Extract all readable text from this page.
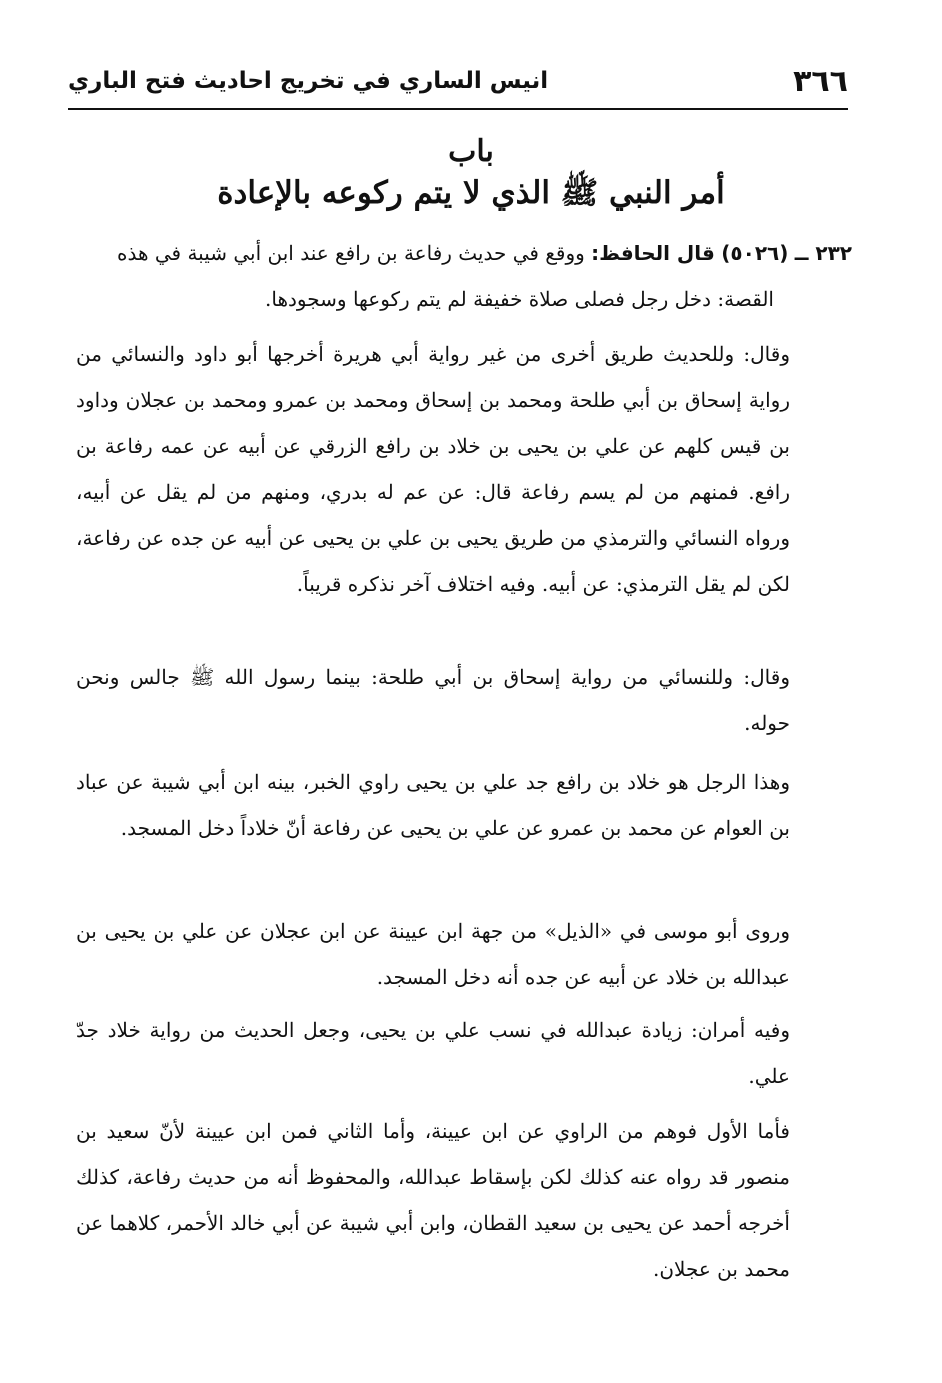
٣٦٦
انيس الساري في تخريج احاديث فتح الباري
باب
أمر النبي ﷺ الذي لا يتم ركوعه بالإعادة
٢٣٢ ــ (٥٠٢٦) قال الحافظ: ووقع في حديث رفاعة بن رافع عند ابن أبي شيبة في هذه
القصة: دخل رجل فصلى صلاة خفيفة لم يتم ركوعها وسجودها.

وقال: وللحديث طريق أخرى من غير رواية أبي هريرة أخرجها أبو داود والنسائي من رواية إسحاق بن أبي طلحة ومحمد بن إسحاق ومحمد بن عمرو ومحمد بن عجلان وداود بن قيس كلهم عن علي بن يحيى بن خلاد بن رافع الزرقي عن أبيه عن عمه رفاعة بن رافع. فمنهم من لم يسم رفاعة قال: عن عم له بدري، ومنهم من لم يقل عن أبيه، ورواه النسائي والترمذي من طريق يحيى بن علي بن يحيى عن أبيه عن جده عن رفاعة، لكن لم يقل الترمذي: عن أبيه. وفيه اختلاف آخر نذكره قريباً.

وقال: وللنسائي من رواية إسحاق بن أبي طلحة: بينما رسول الله ﷺ جالس ونحن حوله.

وهذا الرجل هو خلاد بن رافع جد علي بن يحيى راوي الخبر، بينه ابن أبي شيبة عن عباد بن العوام عن محمد بن عمرو عن علي بن يحيى عن رفاعة أنّ خلاداً دخل المسجد.

وروى أبو موسى في «الذيل» من جهة ابن عيينة عن ابن عجلان عن علي بن يحيى بن عبدالله بن خلاد عن أبيه عن جده أنه دخل المسجد.

وفيه أمران: زيادة عبدالله في نسب علي بن يحيى، وجعل الحديث من رواية خلاد جدّ علي.

فأما الأول فوهم من الراوي عن ابن عيينة، وأما الثاني فمن ابن عيينة لأنّ سعيد بن منصور قد رواه عنه كذلك لكن بإسقاط عبدالله، والمحفوظ أنه من حديث رفاعة، كذلك أخرجه أحمد عن يحيى بن سعيد القطان، وابن أبي شيبة عن أبي خالد الأحمر، كلاهما عن محمد بن عجلان.
